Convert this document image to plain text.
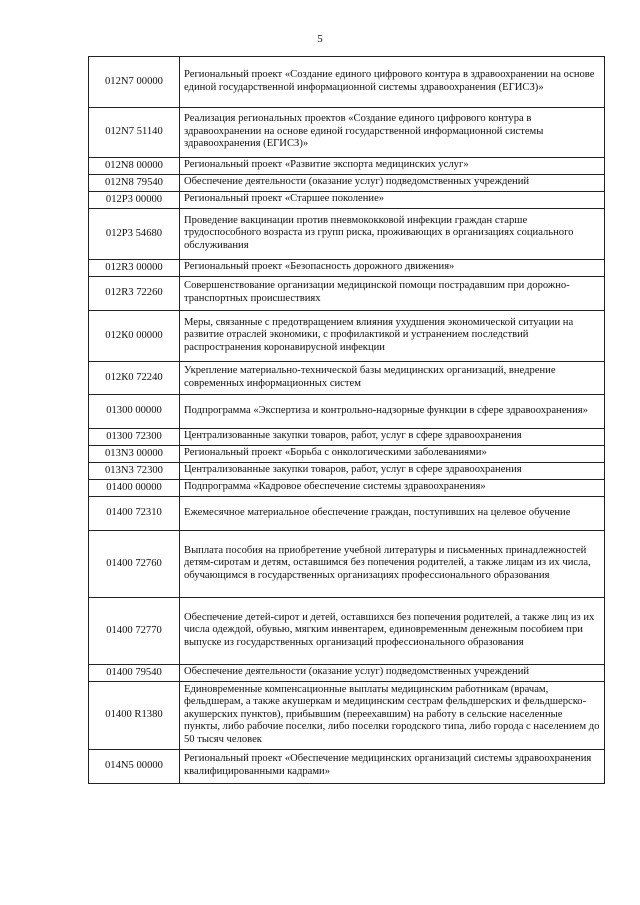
5
012N7 00000	Региональный проект «Создание единого цифрового контура в здравоохранении на основе единой государственной информационной системы здравоохранения (ЕГИСЗ)»
012N7 51140	Реализация региональных проектов «Создание единого цифрового контура в здравоохранении на основе единой государственной информационной системы здравоохранения (ЕГИСЗ)»
012N8 00000	Региональный проект «Развитие экспорта медицинских услуг»
012N8 79540	Обеспечение деятельности (оказание услуг) подведомственных учреждений
012P3 00000	Региональный проект «Старшее поколение»
012P3 54680	Проведение вакцинации против пневмококковой инфекции граждан старше трудоспособного возраста из групп риска, проживающих в организациях социального обслуживания
012R3 00000	Региональный проект «Безопасность дорожного движения»
012R3 72260	Совершенствование организации медицинской помощи пострадавшим при дорожно-транспортных происшествиях
012К0 00000	Меры, связанные с предотвращением влияния ухудшения экономической ситуации на развитие отраслей экономики, с профилактикой и устранением последствий распространения коронавирусной инфекции
012К0 72240	Укрепление материально-технической базы медицинских организаций, внедрение современных информационных систем
01300 00000	Подпрограмма «Экспертиза и контрольно-надзорные функции в сфере здравоохранения»
01300 72300	Централизованные закупки товаров, работ, услуг в сфере здравоохранения
013N3 00000	Региональный проект «Борьба с онкологическими заболеваниями»
013N3 72300	Централизованные закупки товаров, работ, услуг в сфере здравоохранения
01400 00000	Подпрограмма «Кадровое обеспечение системы здравоохранения»
01400 72310	Ежемесячное материальное обеспечение граждан, поступивших на целевое обучение
01400 72760	Выплата пособия на приобретение учебной литературы и письменных принадлежностей детям-сиротам и детям, оставшимся без попечения родителей, а также лицам из их числа, обучающимся в государственных организациях профессионального образования
01400 72770	Обеспечение детей-сирот и детей, оставшихся без попечения родителей, а также лиц из их числа одеждой, обувью, мягким инвентарем, единовременным денежным пособием при выпуске из государственных организаций профессионального образования
01400 79540	Обеспечение деятельности (оказание услуг) подведомственных учреждений
01400 R1380	Единовременные компенсационные выплаты медицинским работникам (врачам, фельдшерам, а также акушеркам и медицинским сестрам фельдшерских и фельдшерско-акушерских пунктов), прибывшим (переехавшим) на работу в сельские населенные пункты, либо рабочие поселки, либо поселки городского типа, либо города с населением до 50 тысяч человек
014N5 00000	Региональный проект «Обеспечение медицинских организаций системы здравоохранения квалифицированными кадрами»
